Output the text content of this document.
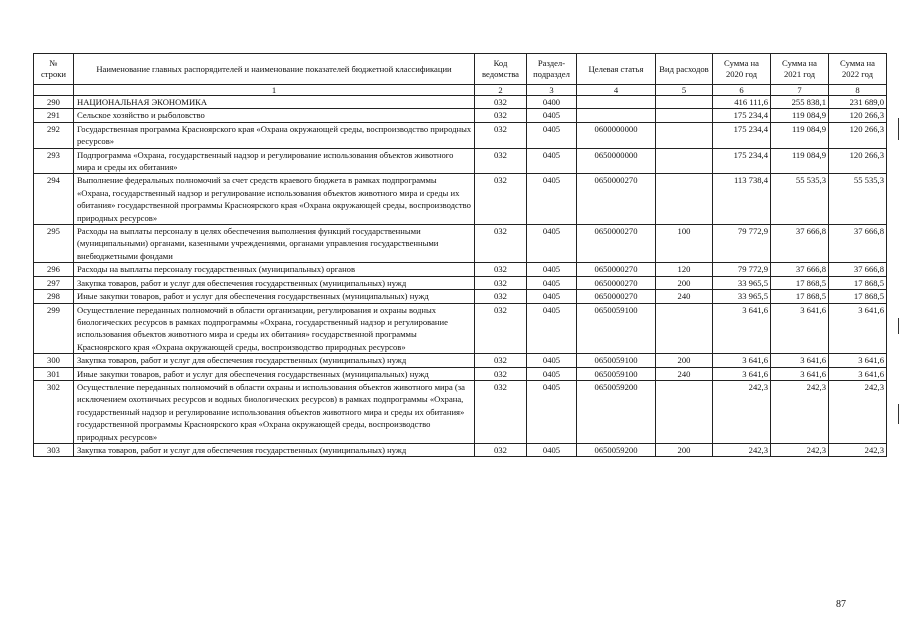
№ строки	Наименование главных распорядителей и наименование показателей бюджетной классификации	Код ведомства	Раздел-подраздел	Целевая статья	Вид расходов	Сумма на 2020 год	Сумма на 2021 год	Сумма на 2022 год
	1	2	3	4	5	6	7	8
290	НАЦИОНАЛЬНАЯ ЭКОНОМИКА	032	0400			416 111,6	255 838,1	231 689,0
291	Сельское хозяйство и рыболовство	032	0405			175 234,4	119 084,9	120 266,3
292	Государственная программа Красноярского края «Охрана окружающей среды, воспроизводство природных ресурсов»	032	0405	0600000000		175 234,4	119 084,9	120 266,3
293	Подпрограмма «Охрана, государственный надзор и регулирование использования объектов животного мира и среды их обитания»	032	0405	0650000000		175 234,4	119 084,9	120 266,3
294	Выполнение федеральных полномочий за счет средств краевого бюджета в рамках подпрограммы «Охрана, государственный надзор и регулирование использования объектов животного мира и среды их обитания» государственной программы Красноярского края «Охрана окружающей среды, воспроизводство природных ресурсов»	032	0405	0650000270		113 738,4	55 535,3	55 535,3
295	Расходы на выплаты персоналу в целях обеспечения выполнения функций государственными (муниципальными) органами, казенными учреждениями, органами управления государственными внебюджетными фондами	032	0405	0650000270	100	79 772,9	37 666,8	37 666,8
296	Расходы на выплаты персоналу государственных (муниципальных) органов	032	0405	0650000270	120	79 772,9	37 666,8	37 666,8
297	Закупка товаров, работ и услуг для обеспечения государственных (муниципальных) нужд	032	0405	0650000270	200	33 965,5	17 868,5	17 868,5
298	Иные закупки товаров, работ и услуг для обеспечения государственных (муниципальных) нужд	032	0405	0650000270	240	33 965,5	17 868,5	17 868,5
299	Осуществление переданных полномочий в области организации, регулирования и охраны водных биологических ресурсов в рамках подпрограммы «Охрана, государственный надзор и регулирование использования объектов животного мира и среды их обитания» государственной программы Красноярского края «Охрана окружающей среды, воспроизводство природных ресурсов»	032	0405	0650059100		3 641,6	3 641,6	3 641,6
300	Закупка товаров, работ и услуг для обеспечения государственных (муниципальных) нужд	032	0405	0650059100	200	3 641,6	3 641,6	3 641,6
301	Иные закупки товаров, работ и услуг для обеспечения государственных (муниципальных) нужд	032	0405	0650059100	240	3 641,6	3 641,6	3 641,6
302	Осуществление переданных полномочий в области охраны и использования объектов животного мира (за исключением охотничьих ресурсов и водных биологических ресурсов) в рамках подпрограммы «Охрана, государственный надзор и регулирование использования объектов животного мира и среды их обитания» государственной программы Красноярского края «Охрана окружающей среды, воспроизводство природных ресурсов»	032	0405	0650059200		242,3	242,3	242,3
303	Закупка товаров, работ и услуг для обеспечения государственных (муниципальных) нужд	032	0405	0650059200	200	242,3	242,3	242,3
87
